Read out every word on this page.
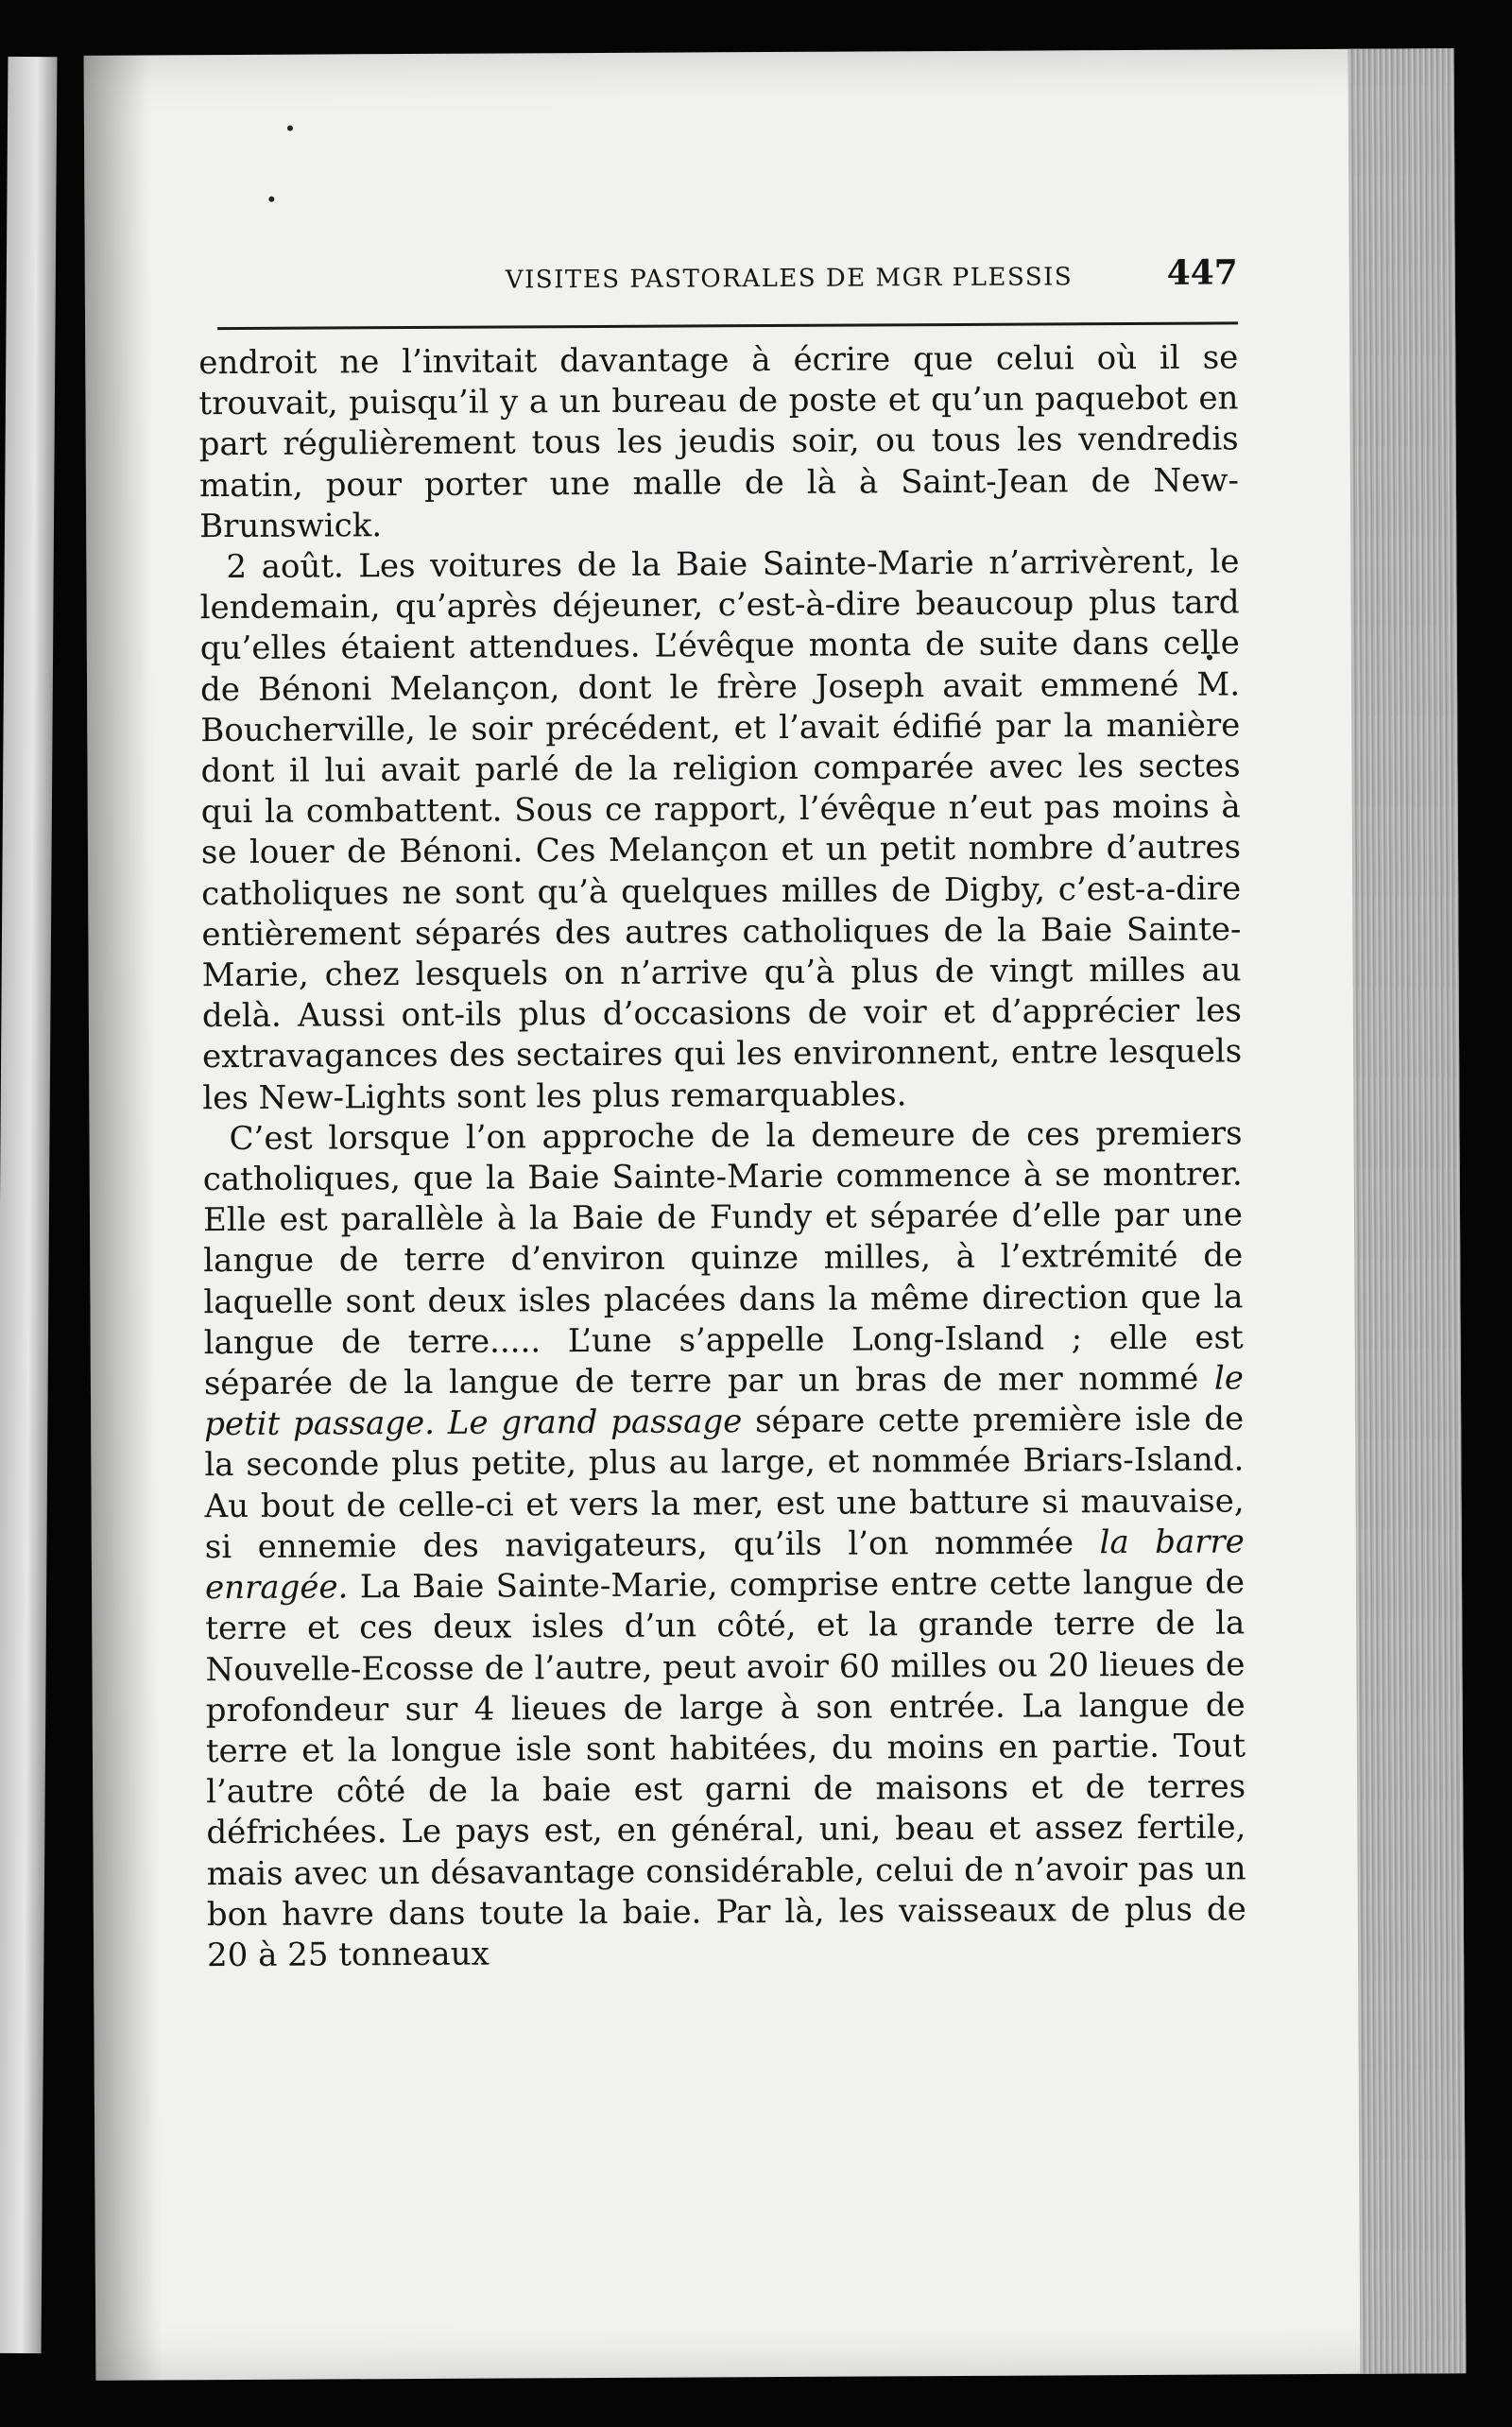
VISITES PASTORALES DE MGR PLESSIS	447

endroit ne l’invitait davantage à écrire que celui où il se trouvait, puisqu’il y a un bureau de poste et qu’un paquebot en part régulièrement tous les jeudis soir, ou tous les vendredis matin, pour porter une malle de là à Saint-Jean de New-Brunswick.

2 août. Les voitures de la Baie Sainte-Marie n’arrivèrent, le lendemain, qu’après déjeuner, c’est-à-dire beaucoup plus tard qu’elles étaient attendues. L’évêque monta de suite dans celle de Bénoni Melançon, dont le frère Joseph avait emmené M. Boucherville, le soir précédent, et l’avait édifié par la manière dont il lui avait parlé de la religion comparée avec les sectes qui la combattent. Sous ce rapport, l’évêque n’eut pas moins à se louer de Bénoni. Ces Melançon et un petit nombre d’autres catholiques ne sont qu’à quelques milles de Digby, c’est-a-dire entièrement séparés des autres catholiques de la Baie Sainte-Marie, chez lesquels on n’arrive qu’à plus de vingt milles au delà. Aussi ont-ils plus d’occasions de voir et d’apprécier les extravagances des sectaires qui les environnent, entre lesquels les New-Lights sont les plus remarquables.

C’est lorsque l’on approche de la demeure de ces premiers catholiques, que la Baie Sainte-Marie commence à se montrer. Elle est parallèle à la Baie de Fundy et séparée d’elle par une langue de terre d’environ quinze milles, à l’extrémité de laquelle sont deux isles placées dans la même direction que la langue de terre..... L’une s’appelle Long-Island ; elle est séparée de la langue de terre par un bras de mer nommé le petit passage. Le grand passage sépare cette première isle de la seconde plus petite, plus au large, et nommée Briars-Island. Au bout de celle-ci et vers la mer, est une batture si mauvaise, si ennemie des navigateurs, qu’ils l’on nommée la barre enragée. La Baie Sainte-Marie, comprise entre cette langue de terre et ces deux isles d’un côté, et la grande terre de la Nouvelle-Ecosse de l’autre, peut avoir 60 milles ou 20 lieues de profondeur sur 4 lieues de large à son entrée. La langue de terre et la longue isle sont habitées, du moins en partie. Tout l’autre côté de la baie est garni de maisons et de terres défrichées. Le pays est, en général, uni, beau et assez fertile, mais avec un désavantage considérable, celui de n’avoir pas un bon havre dans toute la baie. Par là, les vaisseaux de plus de 20 à 25 tonneaux
